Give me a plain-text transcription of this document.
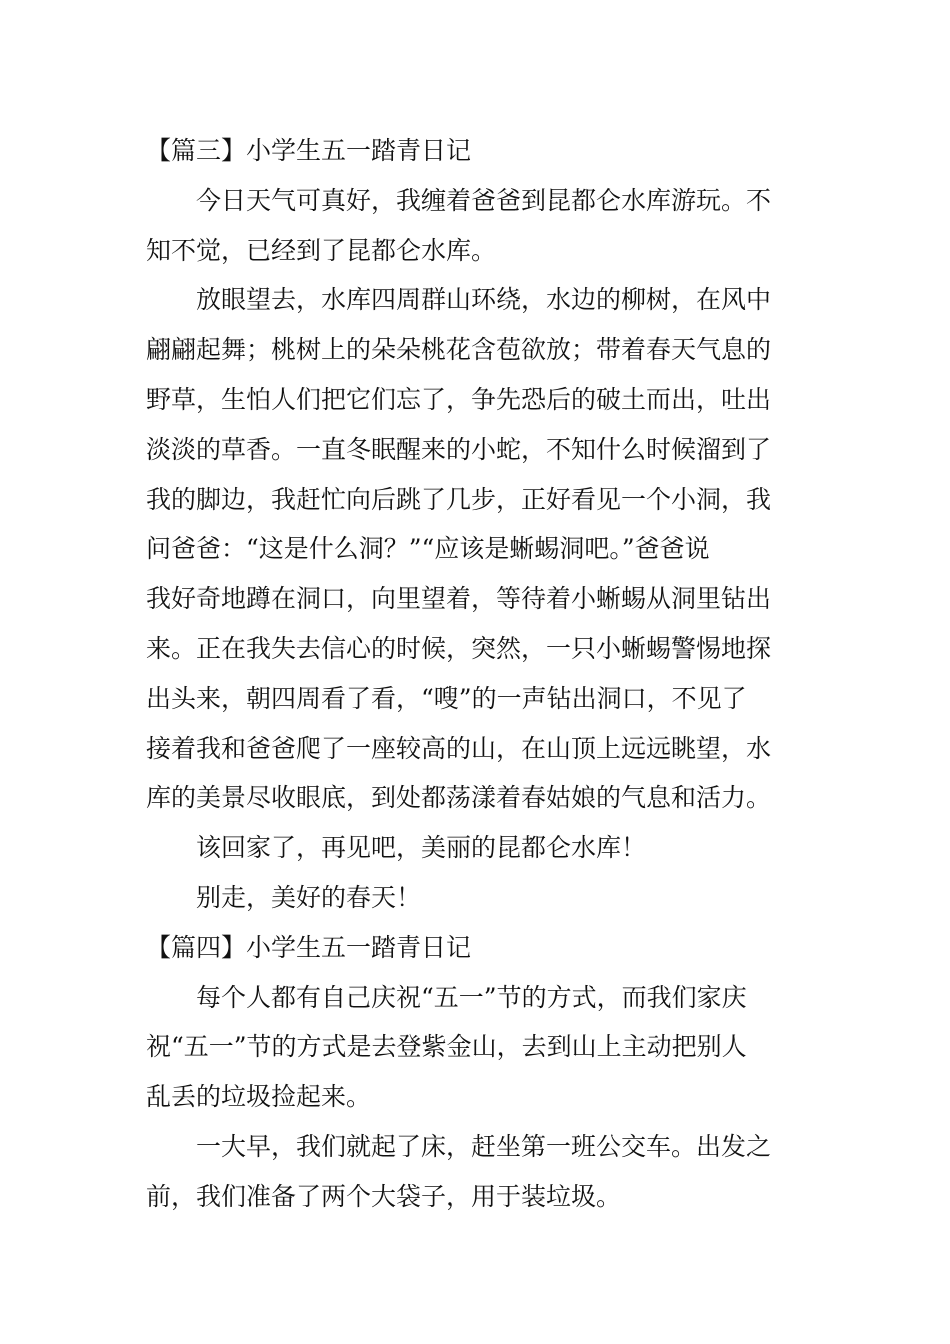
【篇三】小学生五一踏青日记

今日天气可真好，我缠着爸爸到昆都仑水库游玩。不

知不觉，已经到了昆都仑水库。

放眼望去，水库四周群山环绕，水边的柳树，在风中

翩翩起舞；桃树上的朵朵桃花含苞欲放；带着春天气息的

野草，生怕人们把它们忘了，争先恐后的破土而出，吐出

淡淡的草香。一直冬眠醒来的小蛇，不知什么时候溜到了

我的脚边，我赶忙向后跳了几步，正好看见一个小洞，我

问爸爸：“这是什么洞？”“应该是蜥蜴洞吧。”爸爸说

我好奇地蹲在洞口，向里望着，等待着小蜥蜴从洞里钻出

来。正在我失去信心的时候，突然，一只小蜥蜴警惕地探

出头来，朝四周看了看，“嗖”的一声钻出洞口，不见了

接着我和爸爸爬了一座较高的山，在山顶上远远眺望，水

库的美景尽收眼底，到处都荡漾着春姑娘的气息和活力。

该回家了，再见吧，美丽的昆都仑水库！

别走，美好的春天！

【篇四】小学生五一踏青日记

每个人都有自己庆祝“五一”节的方式，而我们家庆

祝“五一”节的方式是去登紫金山，去到山上主动把别人

乱丢的垃圾捡起来。

一大早，我们就起了床，赶坐第一班公交车。出发之

前，我们准备了两个大袋子，用于装垃圾。
